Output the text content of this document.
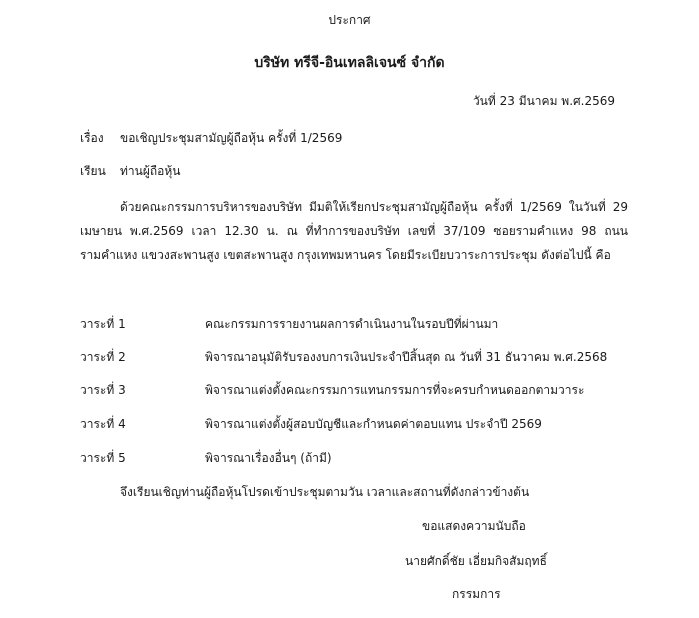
ประกาศ
บริษัท ทรีจี-อินเทลลิเจนซ์ จำกัด
วันที่ 23 มีนาคม พ.ศ.2569
เรื่อง ขอเชิญประชุมสามัญผู้ถือหุ้น ครั้งที่ 1/2569
เรียน ท่านผู้ถือหุ้น
ด้วยคณะกรรมการบริหารของบริษัท มีมติให้เรียกประชุมสามัญผู้ถือหุ้น ครั้งที่ 1/2569 ในวันที่ 29 เมษายน พ.ศ.2569 เวลา 12.30 น. ณ ที่ทำการของบริษัท เลขที่ 37/109 ซอยรามคำแหง 98 ถนนรามคำแหง แขวงสะพานสูง เขตสะพานสูง กรุงเทพมหานคร โดยมีระเบียบวาระการประชุม ดังต่อไปนี้ คือ
วาระที่ 1	คณะกรรมการรายงานผลการดำเนินงานในรอบปีที่ผ่านมา
วาระที่ 2	พิจารณาอนุมัติรับรองงบการเงินประจำปีสิ้นสุด ณ วันที่ 31 ธันวาคม พ.ศ.2568
วาระที่ 3	พิจารณาแต่งตั้งคณะกรรมการแทนกรรมการที่จะครบกำหนดออกตามวาระ
วาระที่ 4	พิจารณาแต่งตั้งผู้สอบบัญชีและกำหนดค่าตอบแทน ประจำปี 2569
วาระที่ 5	พิจารณาเรื่องอื่นๆ (ถ้ามี)
จึงเรียนเชิญท่านผู้ถือหุ้นโปรดเข้าประชุมตามวัน เวลาและสถานที่ดังกล่าวข้างต้น
ขอแสดงความนับถือ
นายศักดิ์ชัย เอี่ยมกิจสัมฤทธิ์
กรรมการ
